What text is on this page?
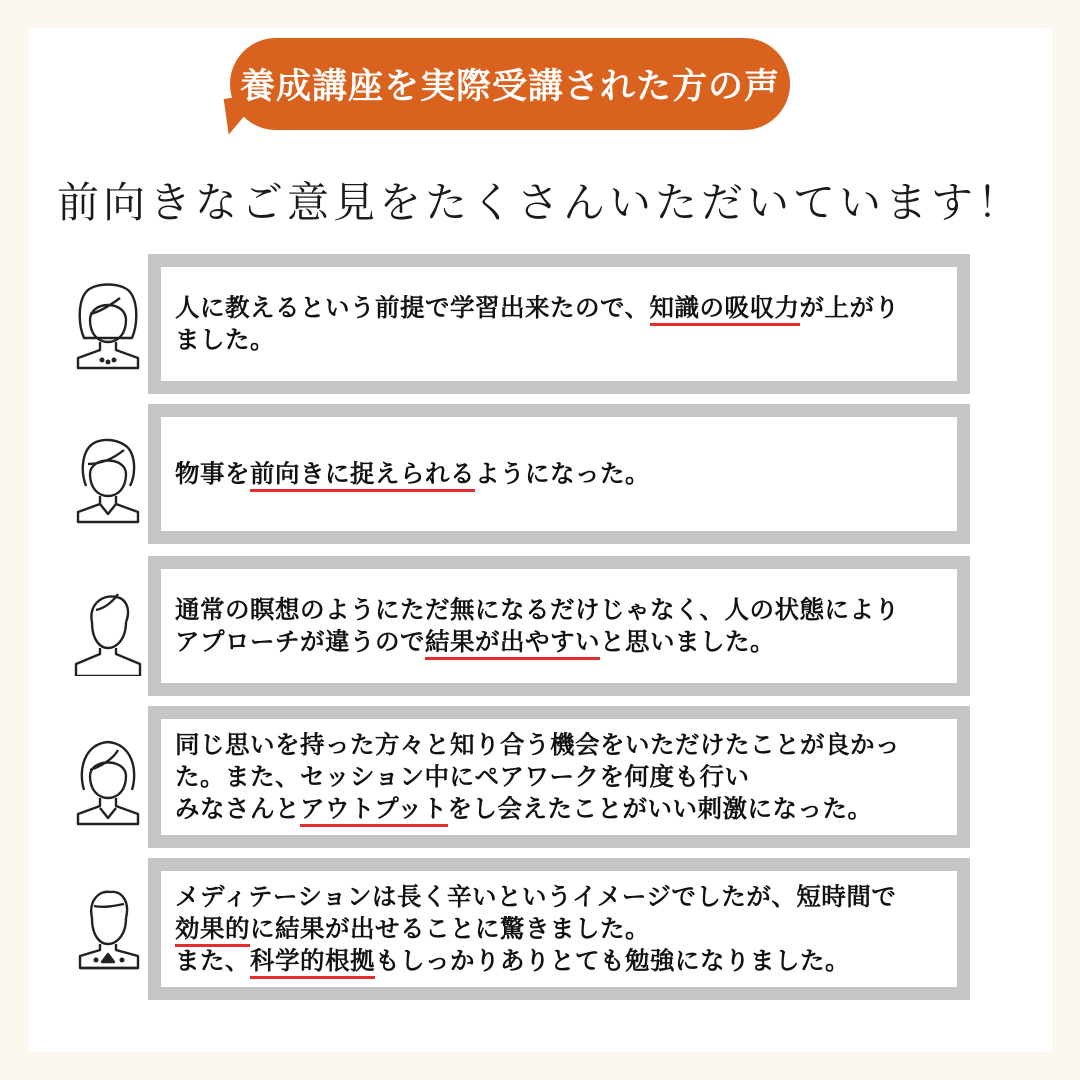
養成講座を実際受講された方の声
前向きなご意見をたくさんいただいています！
人に教えるという前提で学習出来たので、知識の吸収力が上がり
ました。
物事を前向きに捉えられるようになった。
通常の瞑想のようにただ無になるだけじゃなく、人の状態により
アプローチが違うので結果が出やすいと思いました。
同じ思いを持った方々と知り合う機会をいただけたことが良かっ
た。また、セッション中にペアワークを何度も行い
みなさんとアウトプットをし会えたことがいい刺激になった。
メディテーションは長く辛いというイメージでしたが、短時間で
効果的に結果が出せることに驚きました。
また、科学的根拠もしっかりありとても勉強になりました。
